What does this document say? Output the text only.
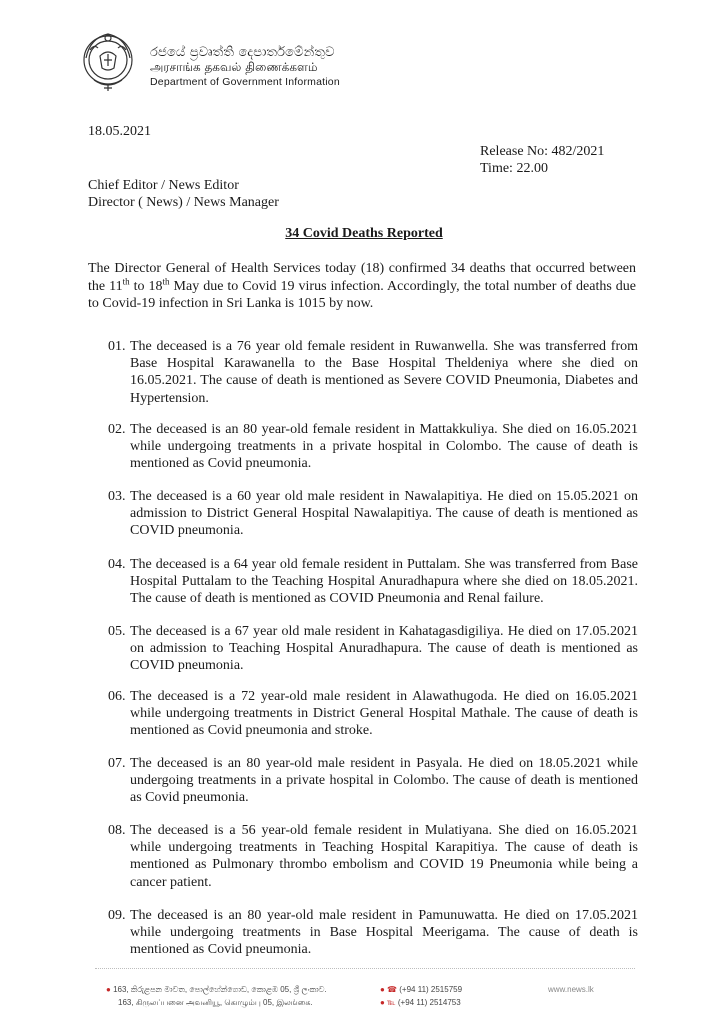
රජයේ ප්‍රවෘත්ති දෙපාර්තමේන්තුව
அரசாங்க தகவல் திணைக்களம்
Department of Government Information
18.05.2021
Release No: 482/2021
Time: 22.00
Chief Editor / News Editor
Director ( News) / News Manager
34 Covid Deaths Reported
The Director General of Health Services today (18) confirmed 34 deaths that occurred between the 11th to 18th May due to Covid 19 virus infection. Accordingly, the total number of deaths due to Covid-19 infection in Sri Lanka is 1015 by now.
01. The deceased is a 76 year old female resident in Ruwanwella. She was transferred from Base Hospital Karawanella to the Base Hospital Theldeniya where she died on 16.05.2021. The cause of death is mentioned as Severe COVID Pneumonia, Diabetes and Hypertension.
02. The deceased is an 80 year-old female resident in Mattakkuliya. She died on 16.05.2021 while undergoing treatments in a private hospital in Colombo. The cause of death is mentioned as Covid pneumonia.
03. The deceased is a 60 year old male resident in Nawalapitiya. He died on 15.05.2021 on admission to District General Hospital Nawalapitiya. The cause of death is mentioned as COVID pneumonia.
04. The deceased is a 64 year old female resident in Puttalam. She was transferred from Base Hospital Puttalam to the Teaching Hospital Anuradhapura where she died on 18.05.2021. The cause of death is mentioned as COVID Pneumonia and Renal failure.
05. The deceased is a 67 year old male resident in Kahatagasdigiliya. He died on 17.05.2021 on admission to Teaching Hospital Anuradhapura. The cause of death is mentioned as COVID pneumonia.
06. The deceased is a 72 year-old male resident in Alawathugoda. He died on 16.05.2021 while undergoing treatments in District General Hospital Mathale. The cause of death is mentioned as Covid pneumonia and stroke.
07. The deceased is an 80 year-old male resident in Pasyala. He died on 18.05.2021 while undergoing treatments in a private hospital in Colombo. The cause of death is mentioned as Covid pneumonia.
08. The deceased is a 56 year-old female resident in Mulatiyana. She died on 16.05.2021 while undergoing treatments in Teaching Hospital Karapitiya. The cause of death is mentioned as Pulmonary thrombo embolism and COVID 19 Pneumonia while being a cancer patient.
09. The deceased is an 80 year-old male resident in Pamunuwatta. He died on 17.05.2021 while undergoing treatments in Base Hospital Meerigama. The cause of death is mentioned as Covid pneumonia.
● 163, කිරුළපන මාවත, පොල්හේන්ගොඩ, කොළඹ 05, ශ්‍රී ලංකාව.
163, கிருலப்பனை அவனியூ, கொழும்பு 05, இலங்கை.
● ☎ (+94 11) 2515759
● ℡ (+94 11) 2514753
www.news.lk
